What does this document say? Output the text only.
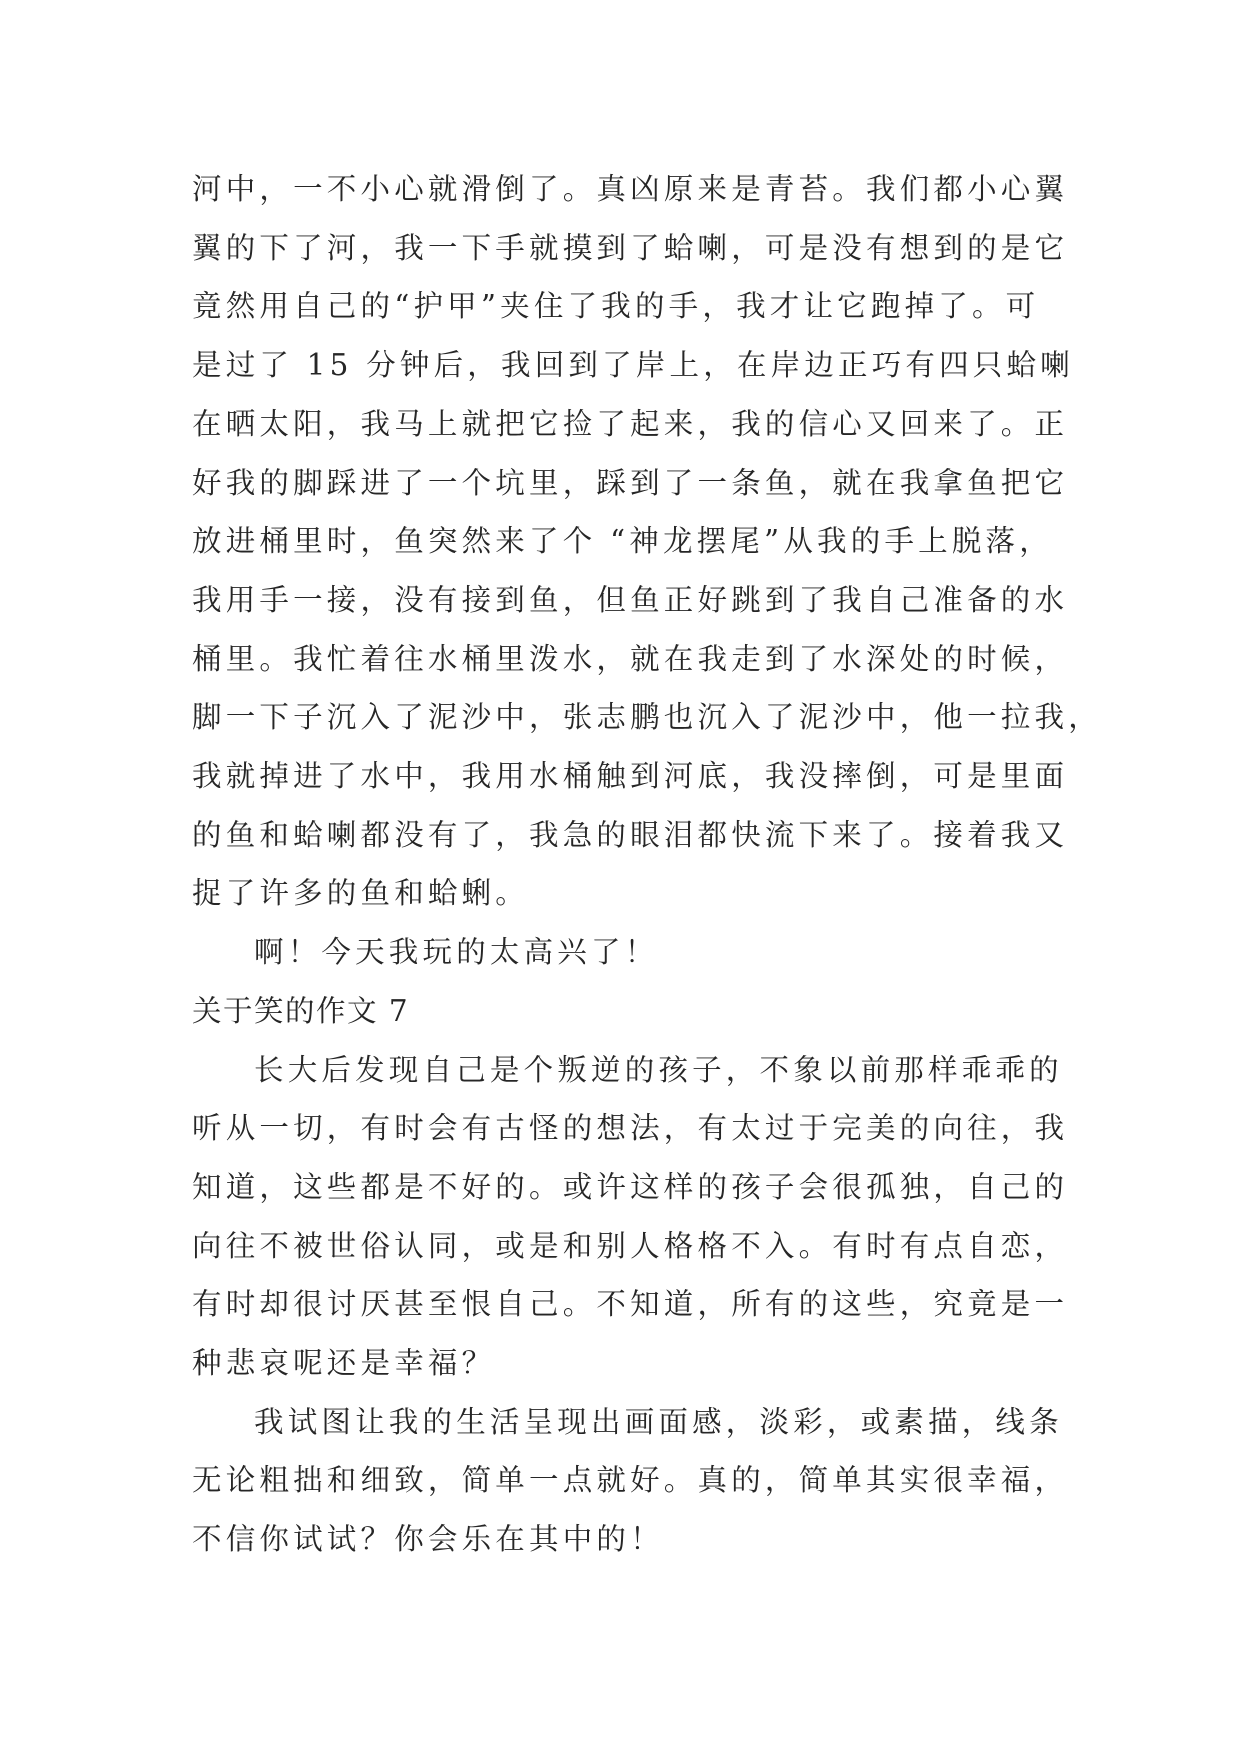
河中，一不小心就滑倒了。真凶原来是青苔。我们都小心翼
翼的下了河，我一下手就摸到了蛤喇，可是没有想到的是它
竟然用自己的“护甲”夹住了我的手，我才让它跑掉了。可
是过了 15 分钟后，我回到了岸上，在岸边正巧有四只蛤喇
在晒太阳，我马上就把它捡了起来，我的信心又回来了。正
好我的脚踩进了一个坑里，踩到了一条鱼，就在我拿鱼把它
放进桶里时，鱼突然来了个 “神龙摆尾”从我的手上脱落，
我用手一接，没有接到鱼，但鱼正好跳到了我自己准备的水
桶里。我忙着往水桶里泼水，就在我走到了水深处的时候，
脚一下子沉入了泥沙中，张志鹏也沉入了泥沙中，他一拉我，
我就掉进了水中，我用水桶触到河底，我没摔倒，可是里面
的鱼和蛤喇都没有了，我急的眼泪都快流下来了。接着我又
捉了许多的鱼和蛤蜊。

啊！今天我玩的太高兴了！

关于笑的作文 7

长大后发现自己是个叛逆的孩子，不象以前那样乖乖的
听从一切，有时会有古怪的想法，有太过于完美的向往，我
知道，这些都是不好的。或许这样的孩子会很孤独，自己的
向往不被世俗认同，或是和别人格格不入。有时有点自恋，
有时却很讨厌甚至恨自己。不知道，所有的这些，究竟是一
种悲哀呢还是幸福？

我试图让我的生活呈现出画面感，淡彩，或素描，线条
无论粗拙和细致，简单一点就好。真的，简单其实很幸福，
不信你试试？你会乐在其中的！
